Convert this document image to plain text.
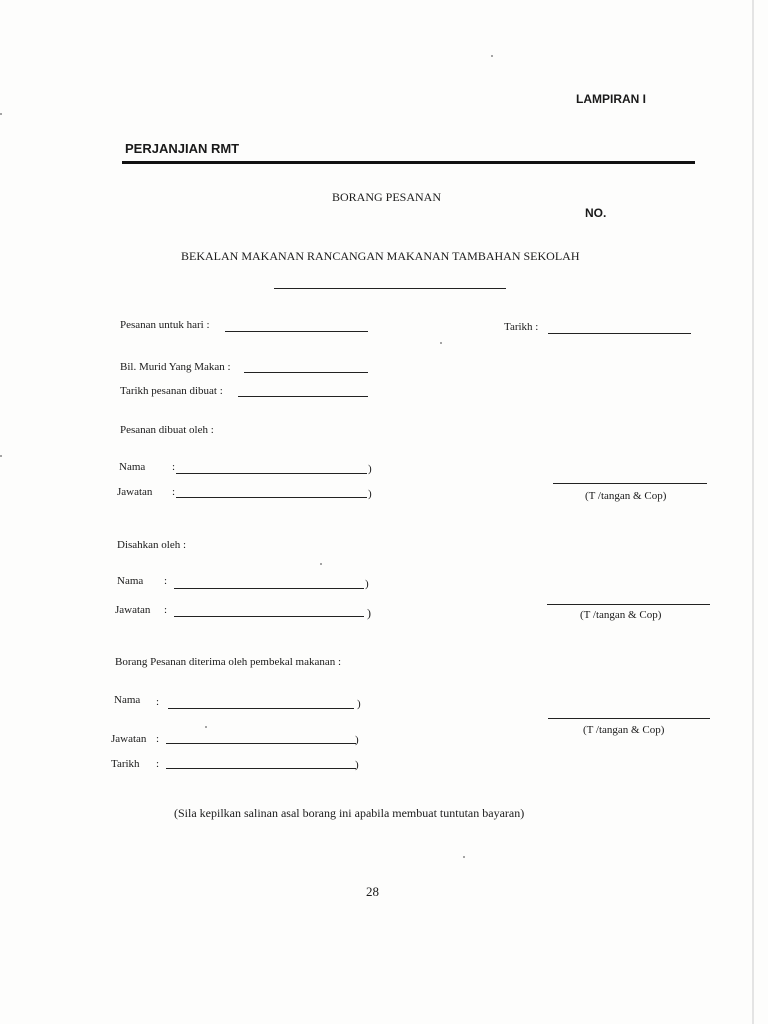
LAMPIRAN I
PERJANJIAN RMT
BORANG PESANAN
NO.
BEKALAN MAKANAN RANCANGAN MAKANAN TAMBAHAN SEKOLAH
Pesanan untuk hari :	Tarikh :
Bil. Murid Yang Makan :
Tarikh pesanan dibuat :
Pesanan dibuat oleh :
Nama :	)
Jawatan :	)	(T /tangan & Cop)
Disahkan oleh :
Nama :	)
Jawatan :	)	(T /tangan & Cop)
Borang Pesanan diterima oleh pembekal makanan :
Nama :	)
Jawatan :	)
Tarikh :	)
(T /tangan & Cop)
(Sila kepilkan salinan asal borang ini apabila membuat tuntutan bayaran)
28
